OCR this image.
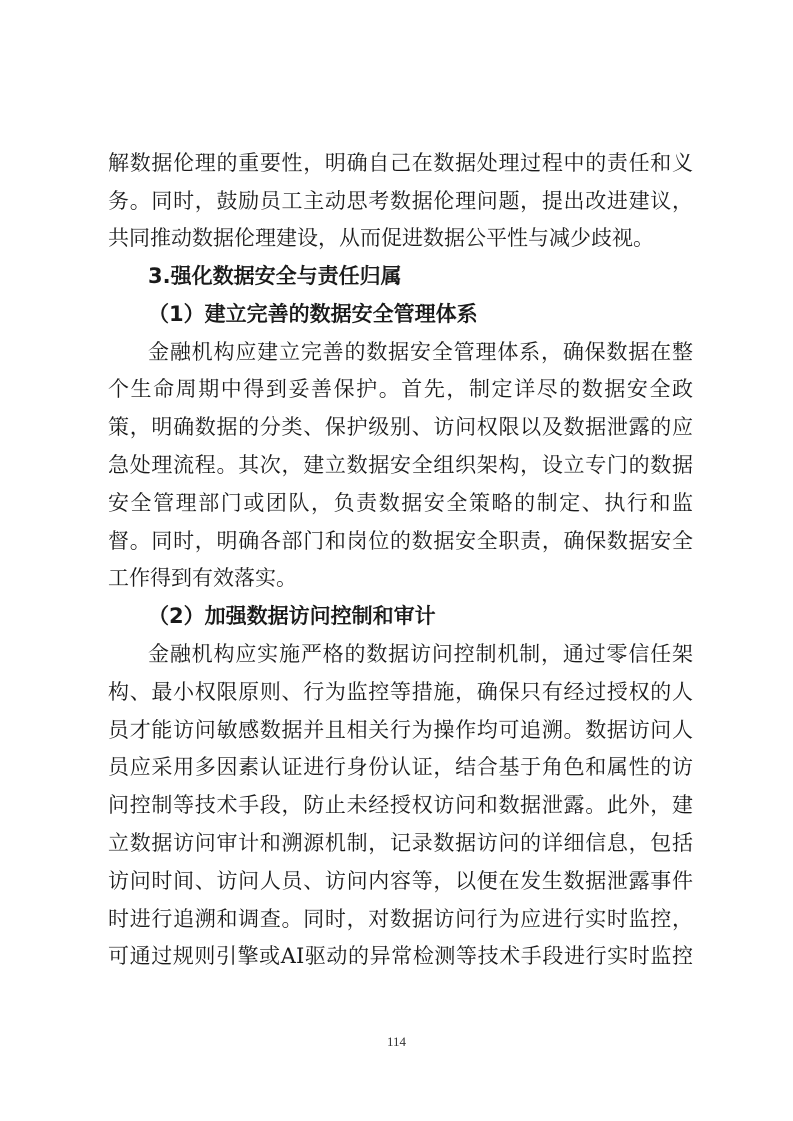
解数据伦理的重要性，明确自己在数据处理过程中的责任和义
务。同时，鼓励员工主动思考数据伦理问题，提出改进建议，
共同推动数据伦理建设，从而促进数据公平性与减少歧视。
3.强化数据安全与责任归属
（1）建立完善的数据安全管理体系
金融机构应建立完善的数据安全管理体系，确保数据在整
个生命周期中得到妥善保护。首先，制定详尽的数据安全政
策，明确数据的分类、保护级别、访问权限以及数据泄露的应
急处理流程。其次，建立数据安全组织架构，设立专门的数据
安全管理部门或团队，负责数据安全策略的制定、执行和监
督。同时，明确各部门和岗位的数据安全职责，确保数据安全
工作得到有效落实。
（2）加强数据访问控制和审计
金融机构应实施严格的数据访问控制机制，通过零信任架
构、最小权限原则、行为监控等措施，确保只有经过授权的人
员才能访问敏感数据并且相关行为操作均可追溯。数据访问人
员应采用多因素认证进行身份认证，结合基于角色和属性的访
问控制等技术手段，防止未经授权访问和数据泄露。此外，建
立数据访问审计和溯源机制，记录数据访问的详细信息，包括
访问时间、访问人员、访问内容等，以便在发生数据泄露事件
时进行追溯和调查。同时，对数据访问行为应进行实时监控，
可通过规则引擎或AI驱动的异常检测等技术手段进行实时监控
114
